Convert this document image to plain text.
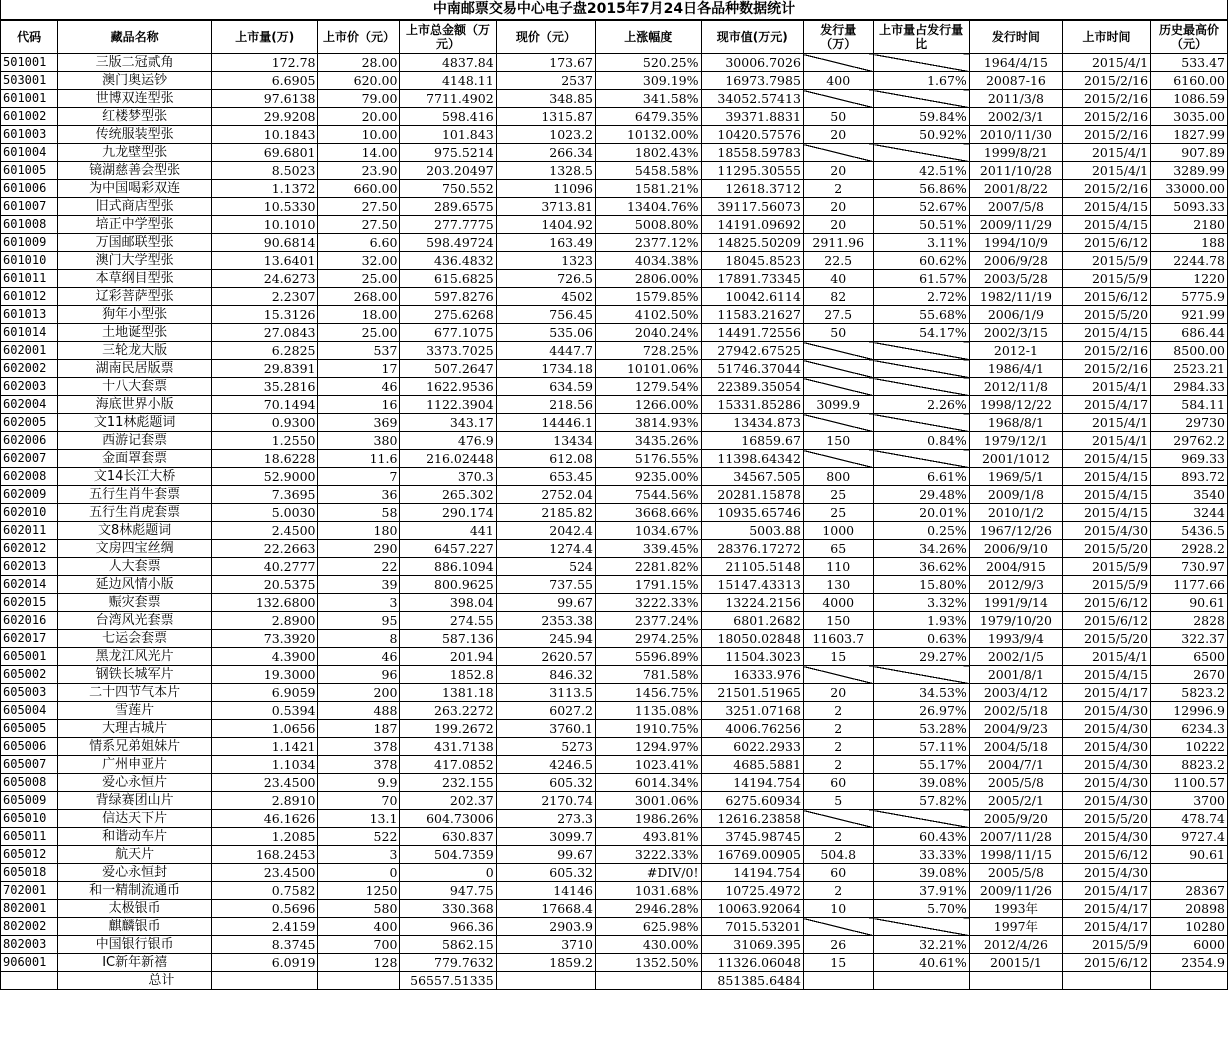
中南邮票交易中心电子盘2015年7月24日各品种数据统计
代码	藏品名称	上市量(万)	上市价（元）	上市总金额（万元）	现价（元）	上涨幅度	现市值(万元)	发行量（万）	上市量占发行量比	发行时间	上市时间	历史最高价（元）
501001	三版二冠贰角	172.78	28.00	4837.84	173.67	520.25%	30006.7026			1964/4/15	2015/4/1	533.47
503001	澳门奥运钞	6.6905	620.00	4148.11	2537	309.19%	16973.7985	400	1.67%	20087-16	2015/2/16	6160.00
601001	世博双连型张	97.6138	79.00	7711.4902	348.85	341.58%	34052.57413			2011/3/8	2015/2/16	1086.59
601002	红楼梦型张	29.9208	20.00	598.416	1315.87	6479.35%	39371.8831	50	59.84%	2002/3/1	2015/2/16	3035.00
601003	传统服装型张	10.1843	10.00	101.843	1023.2	10132.00%	10420.57576	20	50.92%	2010/11/30	2015/2/16	1827.99
601004	九龙壁型张	69.6801	14.00	975.5214	266.34	1802.43%	18558.59783			1999/8/21	2015/4/1	907.89
601005	镜湖慈善会型张	8.5023	23.90	203.20497	1328.5	5458.58%	11295.30555	20	42.51%	2011/10/28	2015/4/1	3289.99
601006	为中国喝彩双连	1.1372	660.00	750.552	11096	1581.21%	12618.3712	2	56.86%	2001/8/22	2015/2/16	33000.00
601007	旧式商店型张	10.5330	27.50	289.6575	3713.81	13404.76%	39117.56073	20	52.67%	2007/5/8	2015/4/15	5093.33
601008	培正中学型张	10.1010	27.50	277.7775	1404.92	5008.80%	14191.09692	20	50.51%	2009/11/29	2015/4/15	2180
601009	万国邮联型张	90.6814	6.60	598.49724	163.49	2377.12%	14825.50209	2911.96	3.11%	1994/10/9	2015/6/12	188
601010	澳门大学型张	13.6401	32.00	436.4832	1323	4034.38%	18045.8523	22.5	60.62%	2006/9/28	2015/5/9	2244.78
601011	本草纲目型张	24.6273	25.00	615.6825	726.5	2806.00%	17891.73345	40	61.57%	2003/5/28	2015/5/9	1220
601012	辽彩菩萨型张	2.2307	268.00	597.8276	4502	1579.85%	10042.6114	82	2.72%	1982/11/19	2015/6/12	5775.9
601013	狗年小型张	15.3126	18.00	275.6268	756.45	4102.50%	11583.21627	27.5	55.68%	2006/1/9	2015/5/20	921.99
601014	土地诞型张	27.0843	25.00	677.1075	535.06	2040.24%	14491.72556	50	54.17%	2002/3/15	2015/4/15	686.44
602001	三轮龙大版	6.2825	537	3373.7025	4447.7	728.25%	27942.67525			2012-1	2015/2/16	8500.00
602002	湖南民居版票	29.8391	17	507.2647	1734.18	10101.06%	51746.37044			1986/4/1	2015/2/16	2523.21
602003	十八大套票	35.2816	46	1622.9536	634.59	1279.54%	22389.35054			2012/11/8	2015/4/1	2984.33
602004	海底世界小版	70.1494	16	1122.3904	218.56	1266.00%	15331.85286	3099.9	2.26%	1998/12/22	2015/4/17	584.11
602005	文11林彪题词	0.9300	369	343.17	14446.1	3814.93%	13434.873			1968/8/1	2015/4/1	29730
602006	西游记套票	1.2550	380	476.9	13434	3435.26%	16859.67	150	0.84%	1979/12/1	2015/4/1	29762.2
602007	金面罩套票	18.6228	11.6	216.02448	612.08	5176.55%	11398.64342			2001/1012	2015/4/15	969.33
602008	文14长江大桥	52.9000	7	370.3	653.45	9235.00%	34567.505	800	6.61%	1969/5/1	2015/4/15	893.72
602009	五行生肖牛套票	7.3695	36	265.302	2752.04	7544.56%	20281.15878	25	29.48%	2009/1/8	2015/4/15	3540
602010	五行生肖虎套票	5.0030	58	290.174	2185.82	3668.66%	10935.65746	25	20.01%	2010/1/2	2015/4/15	3244
602011	文8林彪题词	2.4500	180	441	2042.4	1034.67%	5003.88	1000	0.25%	1967/12/26	2015/4/30	5436.5
602012	文房四宝丝绸	22.2663	290	6457.227	1274.4	339.45%	28376.17272	65	34.26%	2006/9/10	2015/5/20	2928.2
602013	人大套票	40.2777	22	886.1094	524	2281.82%	21105.5148	110	36.62%	2004/915	2015/5/9	730.97
602014	延边风情小版	20.5375	39	800.9625	737.55	1791.15%	15147.43313	130	15.80%	2012/9/3	2015/5/9	1177.66
602015	赈灾套票	132.6800	3	398.04	99.67	3222.33%	13224.2156	4000	3.32%	1991/9/14	2015/6/12	90.61
602016	台湾风光套票	2.8900	95	274.55	2353.38	2377.24%	6801.2682	150	1.93%	1979/10/20	2015/6/12	2828
602017	七运会套票	73.3920	8	587.136	245.94	2974.25%	18050.02848	11603.7	0.63%	1993/9/4	2015/5/20	322.37
605001	黑龙江风光片	4.3900	46	201.94	2620.57	5596.89%	11504.3023	15	29.27%	2002/1/5	2015/4/1	6500
605002	钢铁长城军片	19.3000	96	1852.8	846.32	781.58%	16333.976			2001/8/1	2015/4/15	2670
605003	二十四节气本片	6.9059	200	1381.18	3113.5	1456.75%	21501.51965	20	34.53%	2003/4/12	2015/4/17	5823.2
605004	雪莲片	0.5394	488	263.2272	6027.2	1135.08%	3251.07168	2	26.97%	2002/5/18	2015/4/30	12996.9
605005	大理古城片	1.0656	187	199.2672	3760.1	1910.75%	4006.76256	2	53.28%	2004/9/23	2015/4/30	6234.3
605006	情系兄弟姐妹片	1.1421	378	431.7138	5273	1294.97%	6022.2933	2	57.11%	2004/5/18	2015/4/30	10222
605007	广州申亚片	1.1034	378	417.0852	4246.5	1023.41%	4685.5881	2	55.17%	2004/7/1	2015/4/30	8823.2
605008	爱心永恒片	23.4500	9.9	232.155	605.32	6014.34%	14194.754	60	39.08%	2005/5/8	2015/4/30	1100.57
605009	背绿赛团山片	2.8910	70	202.37	2170.74	3001.06%	6275.60934	5	57.82%	2005/2/1	2015/4/30	3700
605010	信达天下片	46.1626	13.1	604.73006	273.3	1986.26%	12616.23858			2005/9/20	2015/5/20	478.74
605011	和谐动车片	1.2085	522	630.837	3099.7	493.81%	3745.98745	2	60.43%	2007/11/28	2015/4/30	9727.4
605012	航天片	168.2453	3	504.7359	99.67	3222.33%	16769.00905	504.8	33.33%	1998/11/15	2015/6/12	90.61
605018	爱心永恒封	23.4500	0	0	605.32	#DIV/0!	14194.754	60	39.08%	2005/5/8	2015/4/30	
702001	和一精制流通币	0.7582	1250	947.75	14146	1031.68%	10725.4972	2	37.91%	2009/11/26	2015/4/17	28367
802001	太极银币	0.5696	580	330.368	17668.4	2946.28%	10063.92064	10	5.70%	1993年	2015/4/17	20898
802002	麒麟银币	2.4159	400	966.36	2903.9	625.98%	7015.53201			1997年	2015/4/17	10280
802003	中国银行银币	8.3745	700	5862.15	3710	430.00%	31069.395	26	32.21%	2012/4/26	2015/5/9	6000
906001	IC新年新禧	6.0919	128	779.7632	1859.2	1352.50%	11326.06048	15	40.61%	20015/1	2015/6/12	2354.9
	总计			56557.51335			851385.6484					
